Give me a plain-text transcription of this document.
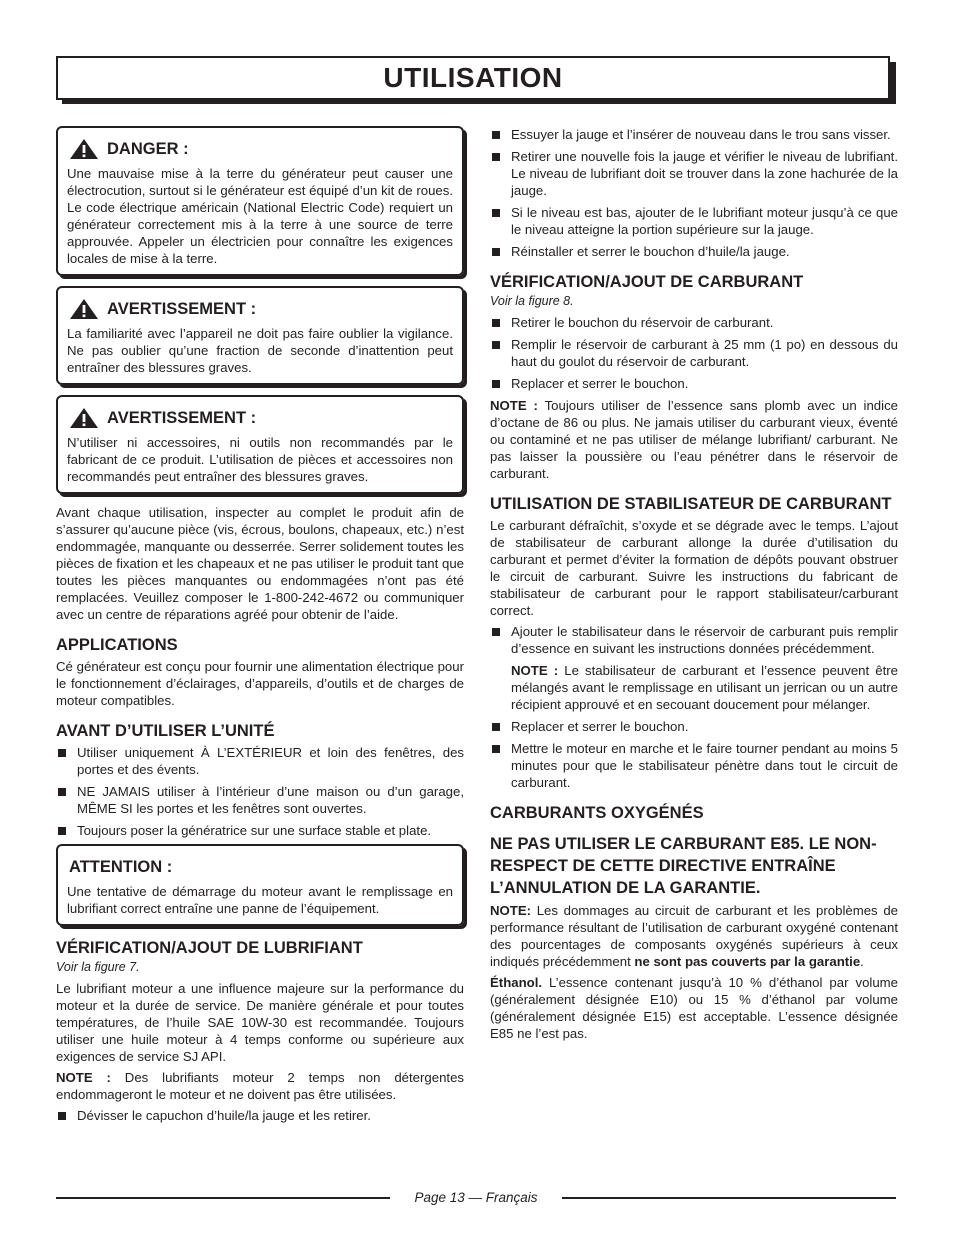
UTILISATION
DANGER :

Une mauvaise mise à la terre du générateur peut causer une électrocution, surtout si le générateur est équipé d’un kit de roues. Le code électrique américain (National Electric Code) requiert un générateur correctement mis à la terre à une source de terre approuvée. Appeler un électricien pour connaître les exigences locales de mise à la terre.

AVERTISSEMENT :

La familiarité avec l’appareil ne doit pas faire oublier la vigilance. Ne pas oublier qu’une fraction de seconde d’inattention peut entraîner des blessures graves.

AVERTISSEMENT :

N’utiliser ni accessoires, ni outils non recommandés par le fabricant de ce produit. L’utilisation de pièces et accessoires non recommandés peut entraîner des blessures graves.

Avant chaque utilisation, inspecter au complet le produit afin de s’assurer qu’aucune pièce (vis, écrous, boulons, chapeaux, etc.) n’est endommagée, manquante ou desserrée. Serrer solidement toutes les pièces de fixation et les chapeaux et ne pas utiliser le produit tant que toutes les pièces manquantes ou endommagées n’ont pas été remplacées. Veuillez composer le 1-800-242-4672 ou communiquer avec un centre de réparations agréé pour obtenir de l’aide.

APPLICATIONS

Cé générateur est conçu pour fournir une alimentation électrique pour le fonctionnement d’éclairages, d’appareils, d’outils et de charges de moteur compatibles.

AVANT D’UTILISER L’UNITÉ
Utiliser uniquement À L’EXTÉRIEUR et loin des fenêtres, des portes et des évents.
NE JAMAIS utiliser à l’intérieur d’une maison ou d’un garage, MÊME SI les portes et les fenêtres sont ouvertes.
Toujours poser la génératrice sur une surface stable et plate.
ATTENTION :

Une tentative de démarrage du moteur avant le remplissage en lubrifiant correct entraîne une panne de l’équipement.

VÉRIFICATION/AJOUT DE LUBRIFIANT
Voir la figure 7.

Le lubrifiant moteur a une influence majeure sur la performance du moteur et la durée de service. De manière générale et pour toutes températures, de l’huile SAE 10W-30 est recommandée. Toujours utiliser une huile moteur à 4 temps conforme ou supérieure aux exigences de service SJ API.

NOTE : Des lubrifiants moteur 2 temps non détergentes endommageront le moteur et ne doivent pas être utilisées.

Dévisser le capuchon d’huile/la jauge et les retirer.
Essuyer la jauge et l’insérer de nouveau dans le trou sans visser.
Retirer une nouvelle fois la jauge et vérifier le niveau de lubrifiant. Le niveau de lubrifiant doit se trouver dans la zone hachurée de la jauge.
Si le niveau est bas, ajouter de le lubrifiant moteur jusqu’à ce que le niveau atteigne la portion supérieure sur la jauge.
Réinstaller et serrer le bouchon d’huile/la jauge.
VÉRIFICATION/AJOUT DE CARBURANT
Voir la figure 8.
Retirer le bouchon du réservoir de carburant.
Remplir le réservoir de carburant à 25 mm (1 po) en dessous du haut du goulot du réservoir de carburant.
Replacer et serrer le bouchon.

NOTE : Toujours utiliser de l’essence sans plomb avec un indice d’octane de 86 ou plus. Ne jamais utiliser du carburant vieux, éventé ou contaminé et ne pas utiliser de mélange lubrifiant/ carburant. Ne pas laisser la poussière ou l’eau pénétrer dans le réservoir de carburant.

UTILISATION DE STABILISATEUR DE CARBURANT

Le carburant défraîchit, s’oxyde et se dégrade avec le temps. L’ajout de stabilisateur de carburant allonge la durée d’utilisation du carburant et permet d’éviter la formation de dépôts pouvant obstruer le circuit de carburant. Suivre les instructions du fabricant de stabilisateur de carburant pour le rapport stabilisateur/carburant correct.

Ajouter le stabilisateur dans le réservoir de carburant puis remplir d’essence en suivant les instructions données précédemment.

NOTE : Le stabilisateur de carburant et l’essence peuvent être mélangés avant le remplissage en utilisant un jerrican ou un autre récipient approuvé et en secouant doucement pour mélanger.

Replacer et serrer le bouchon.
Mettre le moteur en marche et le faire tourner pendant au moins 5 minutes pour que le stabilisateur pénètre dans tout le circuit de carburant.
CARBURANTS OXYGÉNÉS
NE PAS UTILISER LE CARBURANT E85. LE NON-RESPECT DE CETTE DIRECTIVE ENTRAÎNE L’ANNULATION DE LA GARANTIE.

NOTE: Les dommages au circuit de carburant et les problèmes de performance résultant de l’utilisation de carburant oxygéné contenant des pourcentages de composants oxygénés supérieurs à ceux indiqués précédemment ne sont pas couverts par la garantie.

Éthanol. L’essence contenant jusqu’à 10 % d’éthanol par volume (généralement désignée E10) ou 15 % d’éthanol par volume (généralement désignée E15) est acceptable. L’essence désignée E85 ne l’est pas.

Page 13 — Français
